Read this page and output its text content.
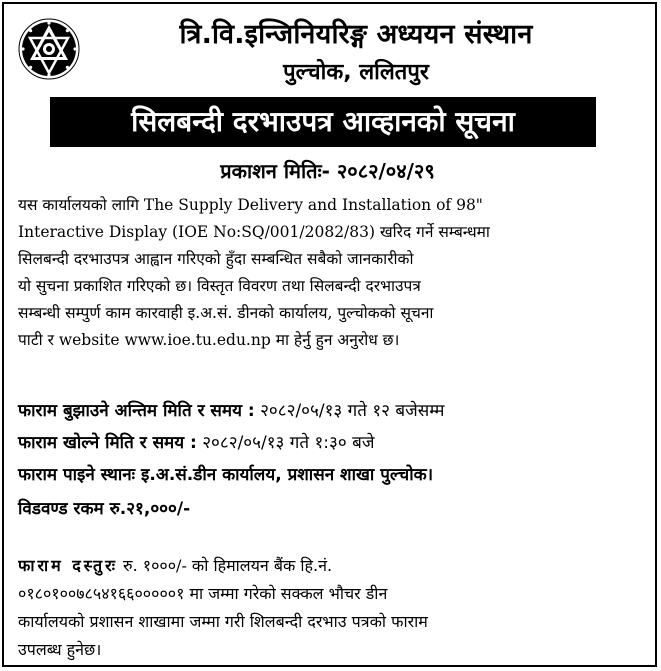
त्रि.वि.इन्जिनियरिङ्ग अध्ययन संस्थान
पुल्चोक, ललितपुर
सिलबन्दी दरभाउपत्र आव्हानको सूचना
प्रकाशन मितिः- २०८२/०४/२९
यस कार्यालयको लागि The Supply Delivery and Installation of 98"
Interactive Display (IOE No:SQ/001/2082/83) खरिद गर्ने सम्बन्धमा
सिलबन्दी दरभाउपत्र आह्वान गरिएको हुँदा सम्बन्धित सबैको जानकारीको
यो सुचना प्रकाशित गरिएको छ। विस्तृत विवरण तथा सिलबन्दी दरभाउपत्र
सम्बन्धी सम्पुर्ण काम कारवाही इ.अ.सं. डीनको कार्यालय, पुल्चोकको सूचना
पाटी र website www.ioe.tu.edu.np मा हेर्नु हुन अनुरोध छ।
फाराम बुझाउने अन्तिम मिति र समय : २०८२/०५/१३ गते १२ बजेसम्म
फाराम खोल्ने मिति र समय : २०८२/०५/१३ गते १:३० बजे
फाराम पाइने स्थानः इ.अ.सं.डीन कार्यालय, प्रशासन शाखा पुल्चोक।
विडवण्ड रकम रु.२१,०००/-
फाराम दस्तुरः रु. १०००/- को हिमालयन बैंक हि.नं.
०१८०१००७८५४१६६०००००१ मा जम्मा गरेको सक्कल भौचर डीन
कार्यालयको प्रशासन शाखामा जम्मा गरी शिलबन्दी दरभाउ पत्रको फाराम
उपलब्ध हुनेछ।
